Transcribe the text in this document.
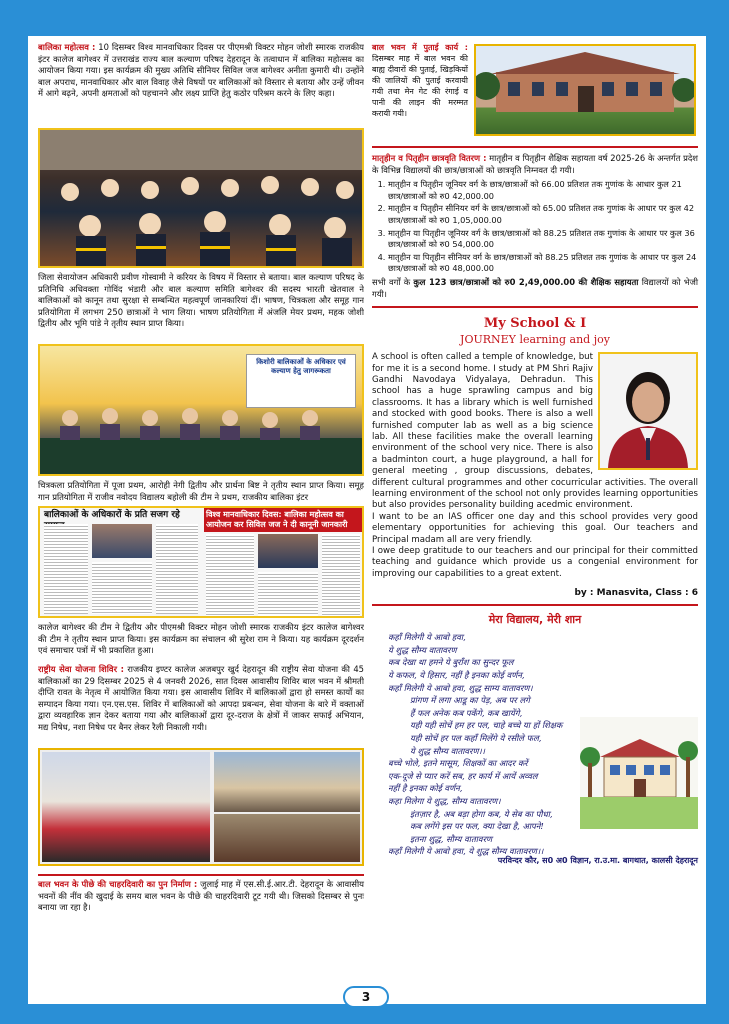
बालिका महोत्सव : 10 दिसम्बर विश्व मानवाधिकार दिवस पर पीएमश्री विक्टर मोहन जोशी स्मारक राजकीय इंटर कालेज बागेश्वर में उत्तराखंड राज्य बाल कल्याण परिषद देहरादून के तत्वाधान में बालिका महोत्सव का आयोजन किया गया। इस कार्यक्रम की मुख्य अतिथि सीनियर सिविल जज बागेश्वर अनीता कुमारी थी। उन्होंने बाल अपराध, मानवाधिकार और बाल विवाह जैसे विषयों पर बालिकाओं को विस्तार से बताया और उन्हें जीवन में आगे बढ़ने, अपनी क्षमताओं को पहचानने और लक्ष्य प्राप्ति हेतु कठोर परिश्रम करने के लिए कहा।

जिला सेवायोजन अधिकारी प्रवीण गोस्वामी ने करियर के विषय में विस्तार से बताया। बाल कल्याण परिषद के प्रतिनिधि अधिवक्ता गोविंद भंडारी और बाल कल्याण समिति बागेश्वर की सदस्य भारती खेतवाल ने बालिकाओं को कानून तथा सुरक्षा से सम्बन्धित महत्वपूर्ण जानकारियां दीं। भाषण, चित्रकला और समूह गान प्रतियोगिता में लगभग 250 छात्राओं ने भाग लिया। भाषण प्रतियोगिता में अंजलि मेयर प्रथम, महक जोशी द्वितीय और भूमि पांडे ने तृतीय स्थान प्राप्त किया।

किशोरी बालिकाओं के अधिकार एवं कल्याण हेतु जागरूकता

चित्रकला प्रतियोगिता में पूजा प्रथम, आरोही नेगी द्वितीय और प्रार्थना बिष्ट ने तृतीय स्थान प्राप्त किया। समूह गान प्रतियोगिता में राजीव नवोदय विद्यालय बहोली की टीम ने प्रथम, राजकीय बालिका इंटर

बालिकाओं के अधिकारों के प्रति सजग रहे	विश्व मानवाधिकार दिवस: बालिका महोत्सव का आयोजन कर सिविल जज ने दी कानूनी जानकारी

कालेज बागेश्वर की टीम ने द्वितीय और पीएमश्री विक्टर मोहन जोशी स्मारक राजकीय इंटर कालेज बागेश्वर की टीम ने तृतीय स्थान प्राप्त किया। इस कार्यक्रम का संचालन श्री सुरेश राम ने किया। यह कार्यक्रम दूरदर्शन एवं समाचार पत्रों में भी प्रकाशित हुआ।

राष्ट्रीय सेवा योजना शिविर : राजकीय इण्टर कालेज अजबपुर खुर्द देहरादून की राष्ट्रीय सेवा योजना की 45 बालिकाओं का 29 दिसम्बर 2025 से 4 जनवरी 2026, सात दिवस आवासीय शिविर बाल भवन में श्रीमती दीप्ति रावत के नेतृत्व में आयोजित किया गया। इस आवासीय शिविर में बालिकाओं द्वारा हो समस्त कार्यों का सम्पादन किया गया। एन.एस.एस. शिविर में बालिकाओं को आपदा प्रबन्धन, सेवा योजना के बारे में वक्ताओं द्वारा व्यवहारिक ज्ञान देकर बताया गया और बालिकाओं द्वारा दूर-दराज के क्षेत्रों में जाकर सफाई अभियान, मद्य निषेध, नशा निषेध पर बैनर लेकर रैली निकाली गयी।

बाल भवन के पीछे की चाहरदिवारी का पुन निर्माण : जुलाई माह में एस.सी.ई.आर.टी. देहरादून के आवासीय भवनों की नींव की खुदाई के समय बाल भवन के पीछे की चाहरदिवारी टूट गयी थी। जिसको दिसम्बर से पुनः बनाया जा रहा है।

बाल भवन में पुताई कार्य : दिसम्बर माह में बाल भवन की बाह्य दीवारों की पुताई, खिड़कियों की जालियों की पुताई करवायी गयी तथा मेन गेट की रंगाई व पानी की लाइन की मरम्मत करायी गयी।

मातृहीन व पितृहीन छात्रवृति वितरण : मातृहीन व पितृहीन शैक्षिक सहायता वर्ष 2025-26 के अन्तर्गत प्रदेश के विभिन्न विद्यालयों की छात्र/छात्राओं को छात्रवृति निम्नवत दी गयी।

1. मातृहीन व पितृहीन जूनियर वर्ग के छात्र/छात्राओं को 66.00 प्रतिशत तक गुणांक के आधार कुल 21 छात्र/छात्राओं को रु0 42,000.00
2. मातृहीन व पितृहीन सीनियर वर्ग के छात्र/छात्राओं को 65.00 प्रतिशत तक गुणांक के आधार पर कुल 42 छात्र/छात्राओं को रु0 1,05,000.00
3. मातृहीन या पितृहीन जूनियर वर्ग के छात्र/छात्राओं को 88.25 प्रतिशत तक गुणांक के आधार पर कुल 36 छात्र/छात्राओं को रु0 54,000.00
4. मातृहीन या पितृहीन सीनियर वर्ग के छात्र/छात्राओं को 88.25 प्रतिशत तक गुणांक के आधार पर कुल 24 छात्र/छात्राओं को रु0 48,000.00

सभी वर्गों के कुल 123 छात्र/छात्राओं को रु0 2,49,000.00 की शैक्षिक सहायता विद्यालयों को भेजी गयी।

My School & I
JOURNEY learning and joy

A school is often called a temple of knowledge, but for me it is a second home. I study at PM Shri Rajiv Gandhi Navodaya Vidyalaya, Dehradun. This school has a huge sprawling campus and big classrooms. It has a library which is well furnished and stocked with good books. There is also a well furnished computer lab as well as a big science lab. All these facilities make the overall learning environment of the school very nice. There is also a badminton court, a huge playground, a hall for general meeting , group discussions, debates, different cultural programmes and other cocurricular activities. The overall learning environment of the school not only provides learning opportunities but also provides personality building acedmic environment.

I want to be an IAS officer one day and this school provides very good elementary opportunities for achieving this goal. Our teachers and Principal madam all are very friendly.

I owe deep gratitude to our teachers and our principal for their committed teaching and guidance which provide us a congenial environment for improving our capabilities to a great extent.

by : Manasvita, Class : 6
मेरा विद्यालय, मेरी शान
कहाँ मिलेगी ये आबो हवा,
ये शुद्ध सौम्य वातावरण
कब देखा था हमने ये बुराँश का सुन्दर फूल
ये कफल, ये हिसार, नहीं है इनका कोई वर्णन,
कहाँ मिलेगी ये आबो हवा, शुद्ध साम्य वातावरण।
प्रांगण में लगा आडू का पेड़, अब पर लगे
हैं फल अनेक कब पकेंगे, कब खायेंगे,
यही यही सोचें हम हर पल, चाहे बच्चे या हों शिक्षक
यही सोचें हर पल कहाँ मिलेंगे ये रसीले फल,
ये शुद्ध सौम्य वातावरण।।
बच्चे भोले, इतने मासूम, शिक्षकों का आदर करें
एक-दूजे से प्यार करें सब, हर कार्य में आयें अव्वल
नहीं है इनका कोई वर्णन,
कहा मिलेगा ये शुद्ध, सौम्य वातावरण।
इंतज़ार है, अब बड़ा होगा कब, ये सेब का पौधा,
कब लगेंगे इस पर फल, क्या देखा है, आपने!
इतना शुद्ध, सौम्य वातावरण
कहाँ मिलेगी ये आबो हवा, ये शुद्ध सौम्य वातावरण।।
परविन्दर कौर, स0 अ0 विज्ञान, रा.उ.मा. बागथात, कालसी देहरादून
3
